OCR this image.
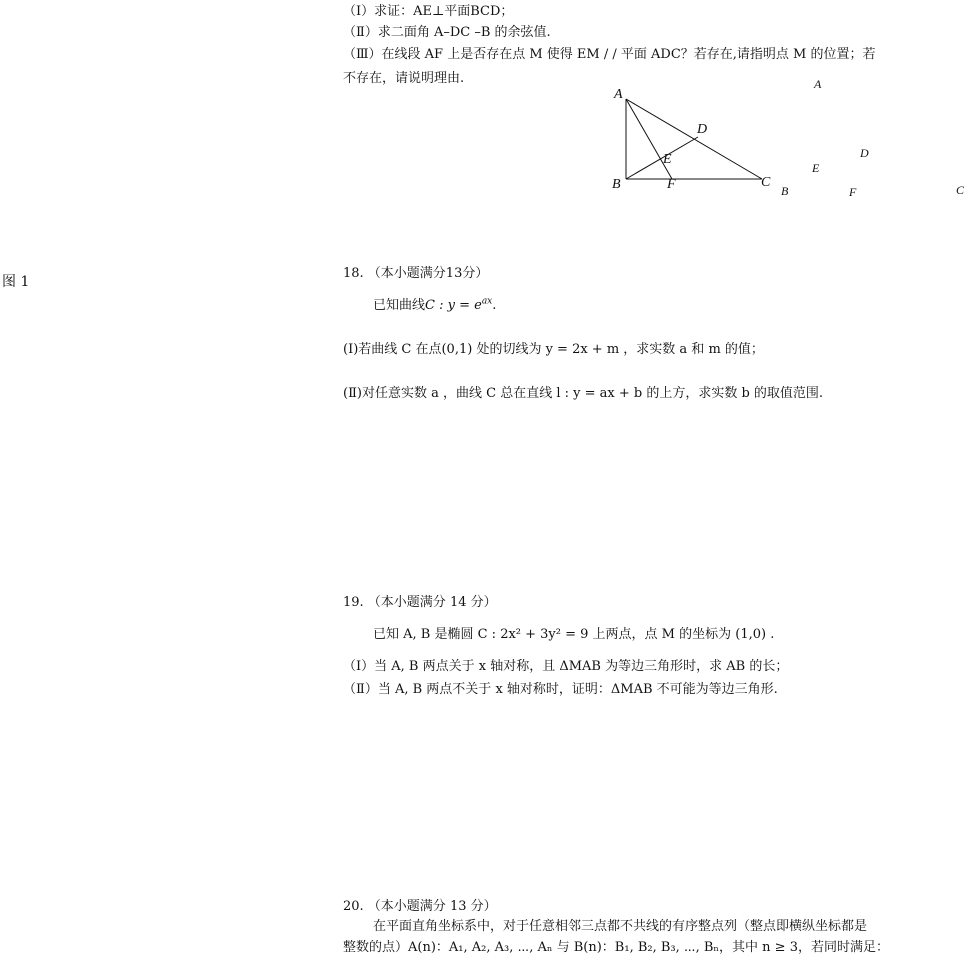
（Ⅰ）求证：AE⊥平面BCD；
（Ⅱ）求二面角 A–DC –B 的余弦值.
（Ⅲ）在线段 AF 上是否存在点 M 使得 EM / / 平面 ADC？若存在,请指明点 M 的位置；若
不存在，请说明理由.
A
D
E
B	F	C
A
D
E
B	F	C
图 1
18. （本小题满分13分）
已知曲线C : $y = e^{ax}$.
(Ⅰ)若曲线 C 在点(0,1) 处的切线为 y = 2x + m ，求实数 a 和 m 的值；
(Ⅱ)对任意实数 a ，曲线 C 总在直线 l : y = ax + b 的上方，求实数 b 的取值范围.
19. （本小题满分 14 分）
已知 A, B 是椭圆 C : 2x² + 3y² = 9 上两点，点 M 的坐标为 (1,0) .
（Ⅰ）当 A, B 两点关于 x 轴对称，且 ΔMAB 为等边三角形时，求 AB 的长；
（Ⅱ）当 A, B 两点不关于 x 轴对称时，证明：ΔMAB 不可能为等边三角形.
20. （本小题满分 13 分）
在平面直角坐标系中，对于任意相邻三点都不共线的有序整点列（整点即横纵坐标都是
整数的点）A(n)：A₁, A₂, A₃, ⋯, Aₙ 与 B(n)：B₁, B₂, B₃, ⋯, Bₙ，其中 n ≥ 3，若同时满足：
